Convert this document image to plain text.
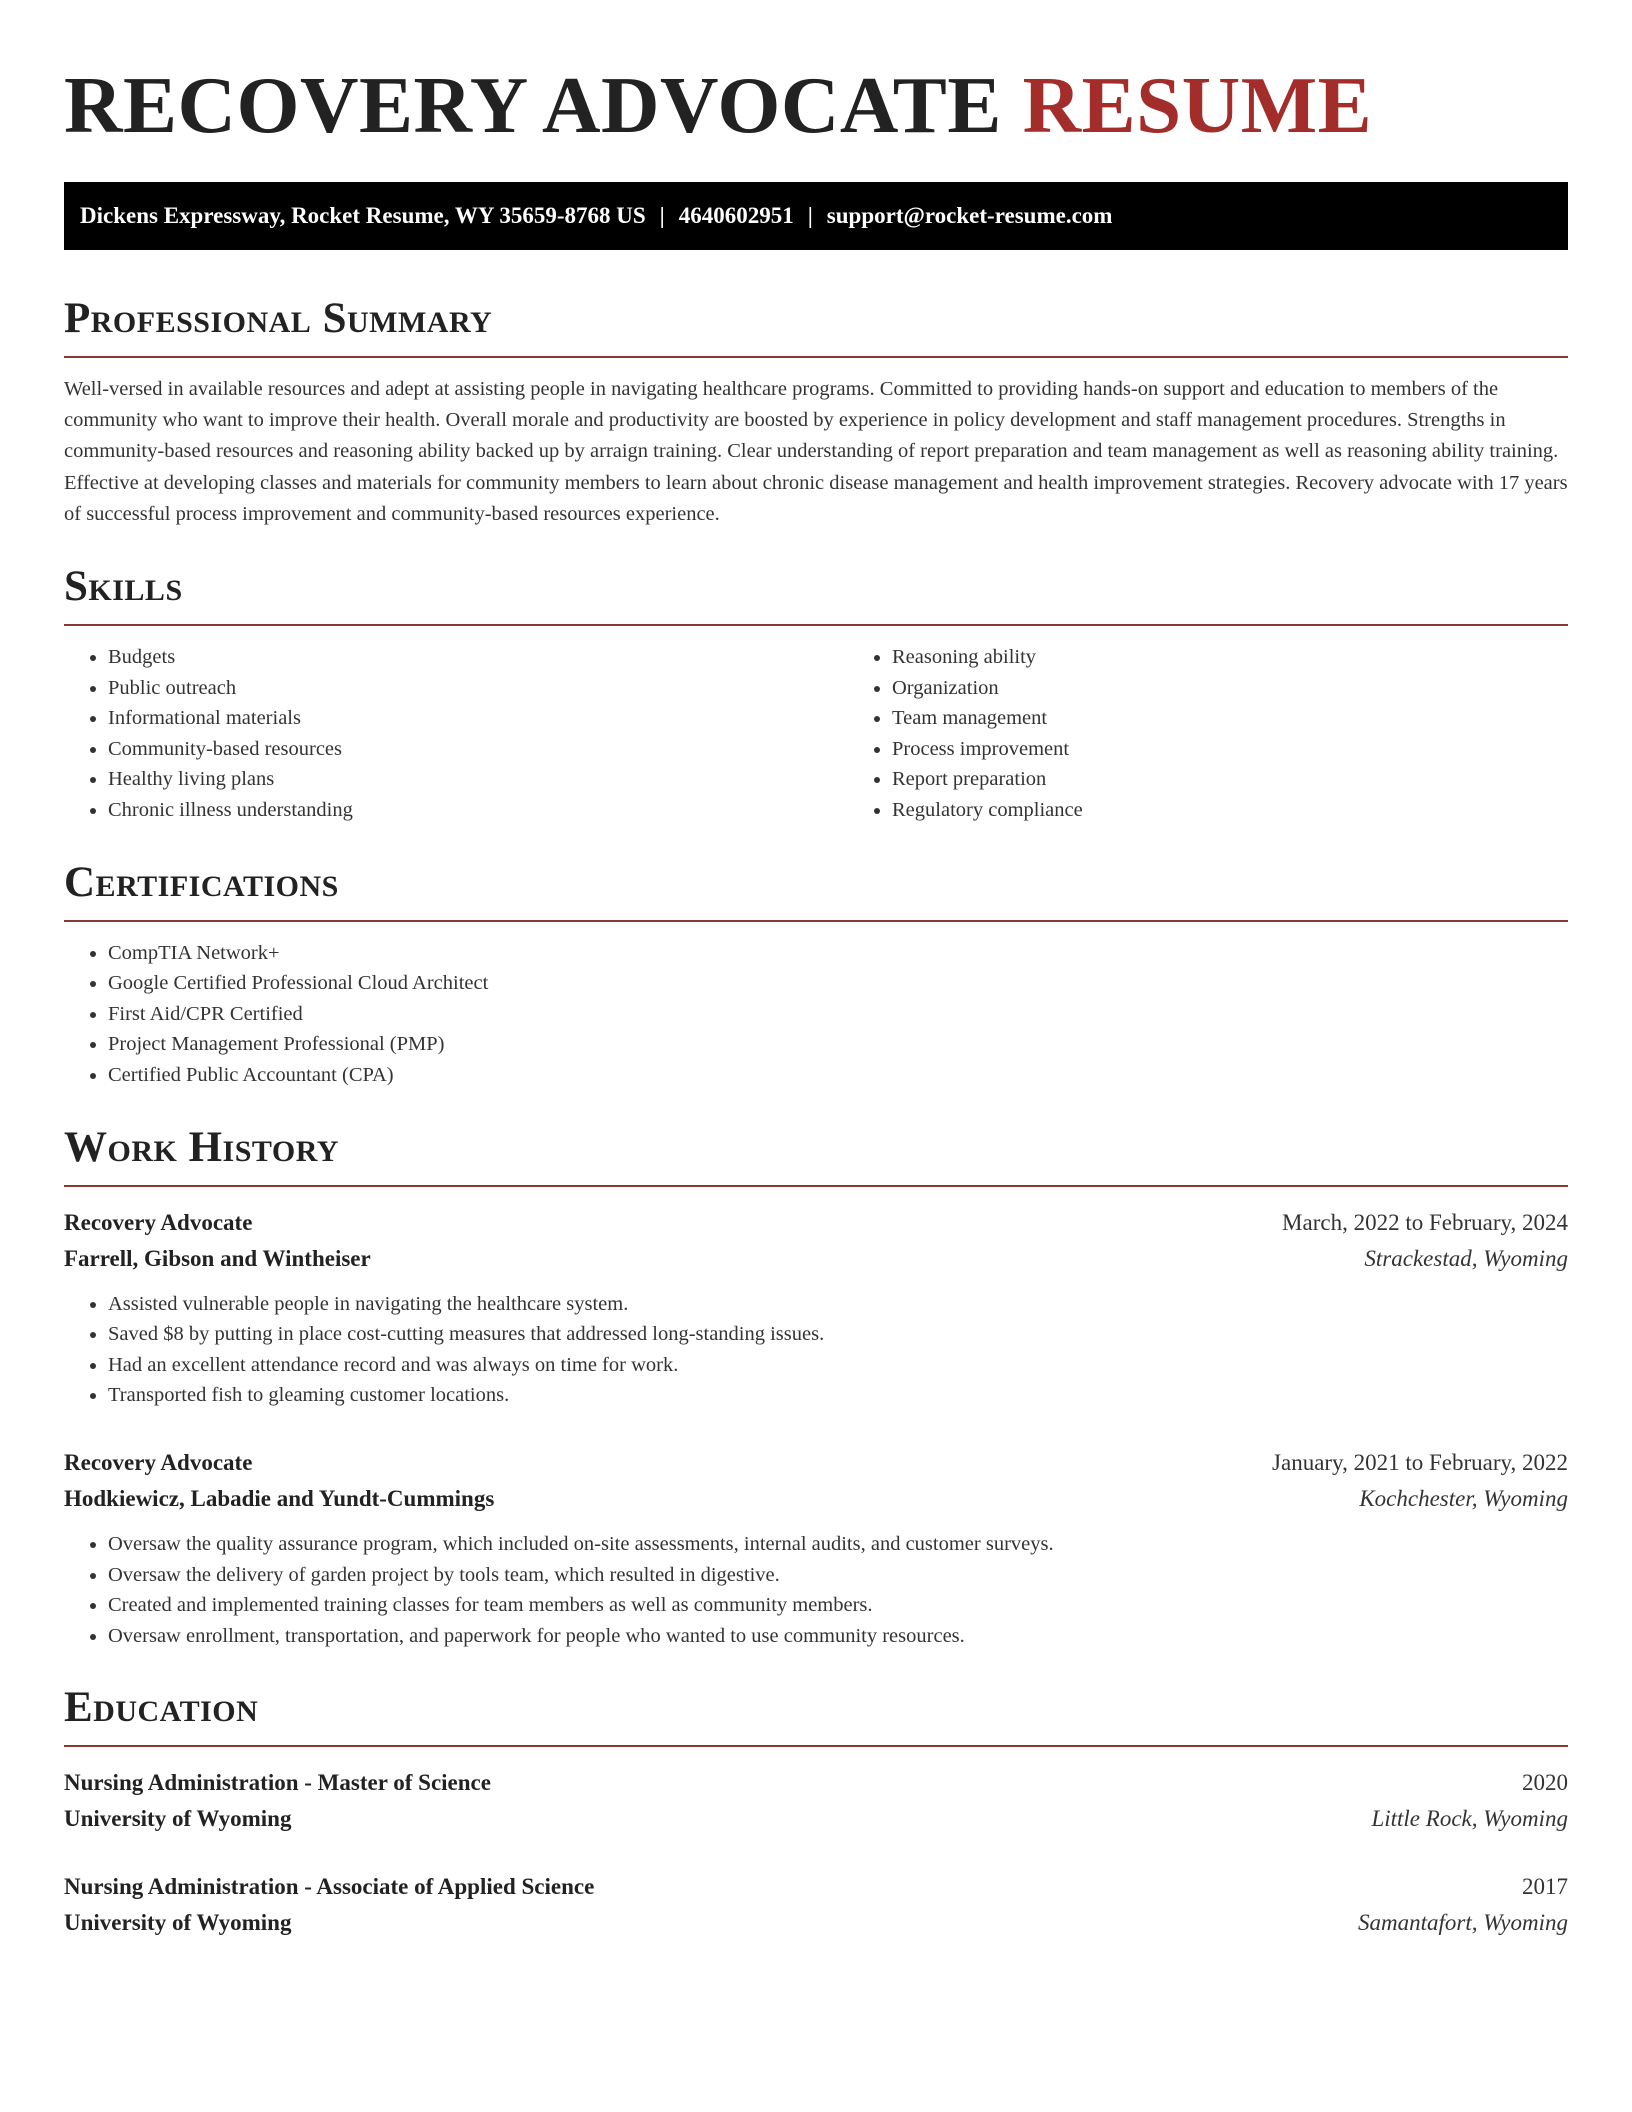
RECOVERY ADVOCATE RESUME
Dickens Expressway, Rocket Resume, WY 35659-8768 US | 4640602951 | support@rocket-resume.com
Professional Summary

Well-versed in available resources and adept at assisting people in navigating healthcare programs. Committed to providing hands-on support and education to members of the community who want to improve their health. Overall morale and productivity are boosted by experience in policy development and staff management procedures. Strengths in community-based resources and reasoning ability backed up by arraign training. Clear understanding of report preparation and team management as well as reasoning ability training. Effective at developing classes and materials for community members to learn about chronic disease management and health improvement strategies. Recovery advocate with 17 years of successful process improvement and community-based resources experience.

Skills
• Budgets
• Public outreach
• Informational materials
• Community-based resources
• Healthy living plans
• Chronic illness understanding
• Reasoning ability
• Organization
• Team management
• Process improvement
• Report preparation
• Regulatory compliance
Certifications
• CompTIA Network+
• Google Certified Professional Cloud Architect
• First Aid/CPR Certified
• Project Management Professional (PMP)
• Certified Public Accountant (CPA)
Work History
Recovery Advocate	March, 2022 to February, 2024
Farrell, Gibson and Wintheiser	Strackestad, Wyoming
• Assisted vulnerable people in navigating the healthcare system.
• Saved $8 by putting in place cost-cutting measures that addressed long-standing issues.
• Had an excellent attendance record and was always on time for work.
• Transported fish to gleaming customer locations.
Recovery Advocate	January, 2021 to February, 2022
Hodkiewicz, Labadie and Yundt-Cummings	Kochchester, Wyoming
• Oversaw the quality assurance program, which included on-site assessments, internal audits, and customer surveys.
• Oversaw the delivery of garden project by tools team, which resulted in digestive.
• Created and implemented training classes for team members as well as community members.
• Oversaw enrollment, transportation, and paperwork for people who wanted to use community resources.
Education
Nursing Administration - Master of Science	2020
University of Wyoming	Little Rock, Wyoming
Nursing Administration - Associate of Applied Science	2017
University of Wyoming	Samantafort, Wyoming
